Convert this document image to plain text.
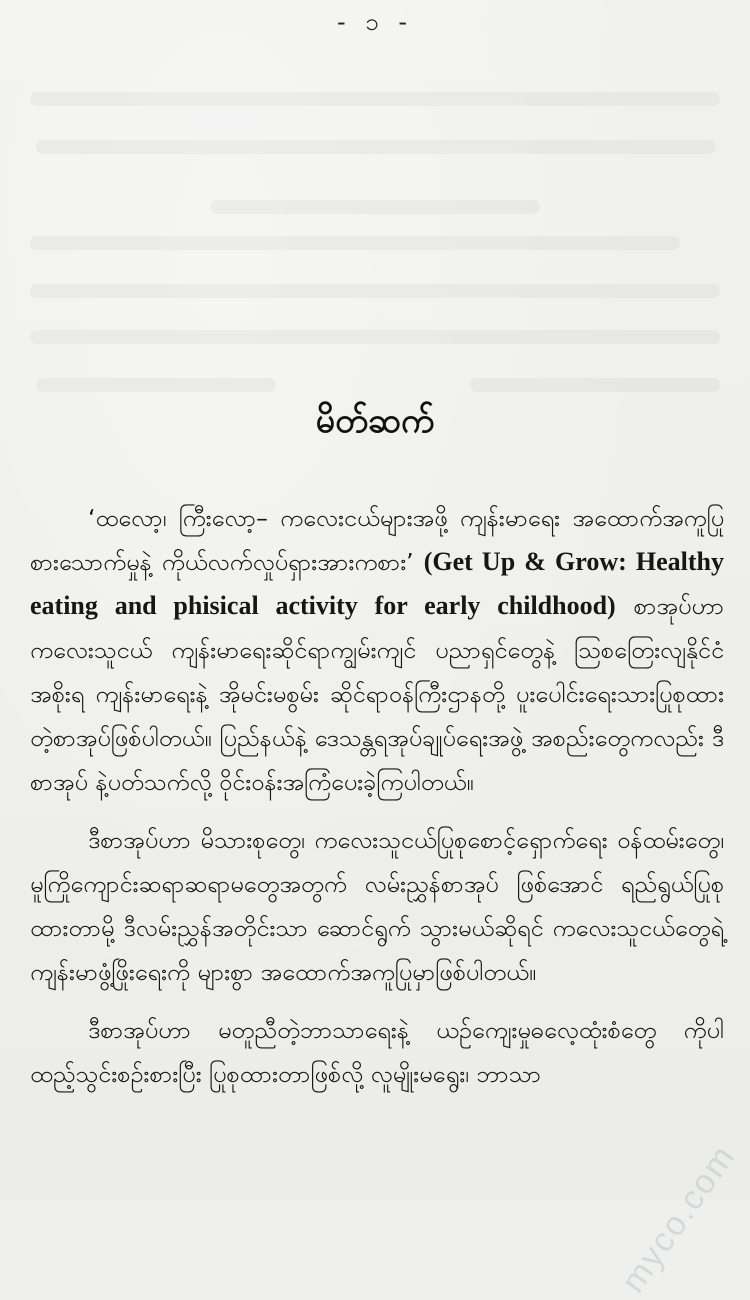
- ၁ -
မိတ်ဆက်

‘ထလော့၊ ကြီးလော့– ကလေးငယ်များအဖို့ ကျန်းမာရေး အထောက်အကူပြု စားသောက်မှုနဲ့ ကိုယ်လက်လှုပ်ရှားအားကစား’ (Get Up & Grow: Healthy eating and phisical activity for early childhood) စာအုပ်ဟာ ကလေးသူငယ် ကျန်းမာရေးဆိုင်ရာကျွမ်းကျင် ပညာရှင်တွေနဲ့ ဩစတြေးလျနိုင်ငံအစိုးရ ကျန်းမာရေးနဲ့ အိုမင်းမစွမ်း ဆိုင်ရာဝန်ကြီးဌာနတို့ ပူးပေါင်းရေးသားပြုစုထားတဲ့စာအုပ်ဖြစ်ပါတယ်။ ပြည်နယ်နဲ့ ဒေသန္တရအုပ်ချုပ်ရေးအဖွဲ့ အစည်းတွေကလည်း ဒီစာအုပ် နဲ့ပတ်သက်လို့ ဝိုင်းဝန်းအကြံပေးခဲ့ကြပါတယ်။

ဒီစာအုပ်ဟာ မိသားစုတွေ၊ ကလေးသူငယ်ပြုစုစောင့်ရှောက်ရေး ဝန်ထမ်းတွေ၊ မူကြိုကျောင်းဆရာဆရာမတွေအတွက် လမ်းညွှန်စာအုပ် ဖြစ်အောင် ရည်ရွယ်ပြုစုထားတာမို့ ဒီလမ်းညွှန်အတိုင်းသာ ဆောင်ရွက် သွားမယ်ဆိုရင် ကလေးသူငယ်တွေရဲ့ ကျန်းမာဖွံ့ဖြိုးရေးကို များစွာ အထောက်အကူပြုမှာဖြစ်ပါတယ်။

ဒီစာအုပ်ဟာ မတူညီတဲ့ဘာသာရေးနဲ့ ယဉ်ကျေးမှုဓလေ့ထုံးစံတွေ ကိုပါ ထည့်သွင်းစဉ်းစားပြီး ပြုစုထားတာဖြစ်လို့ လူမျိုးမရွေး၊ ဘာသာ

myco.com
